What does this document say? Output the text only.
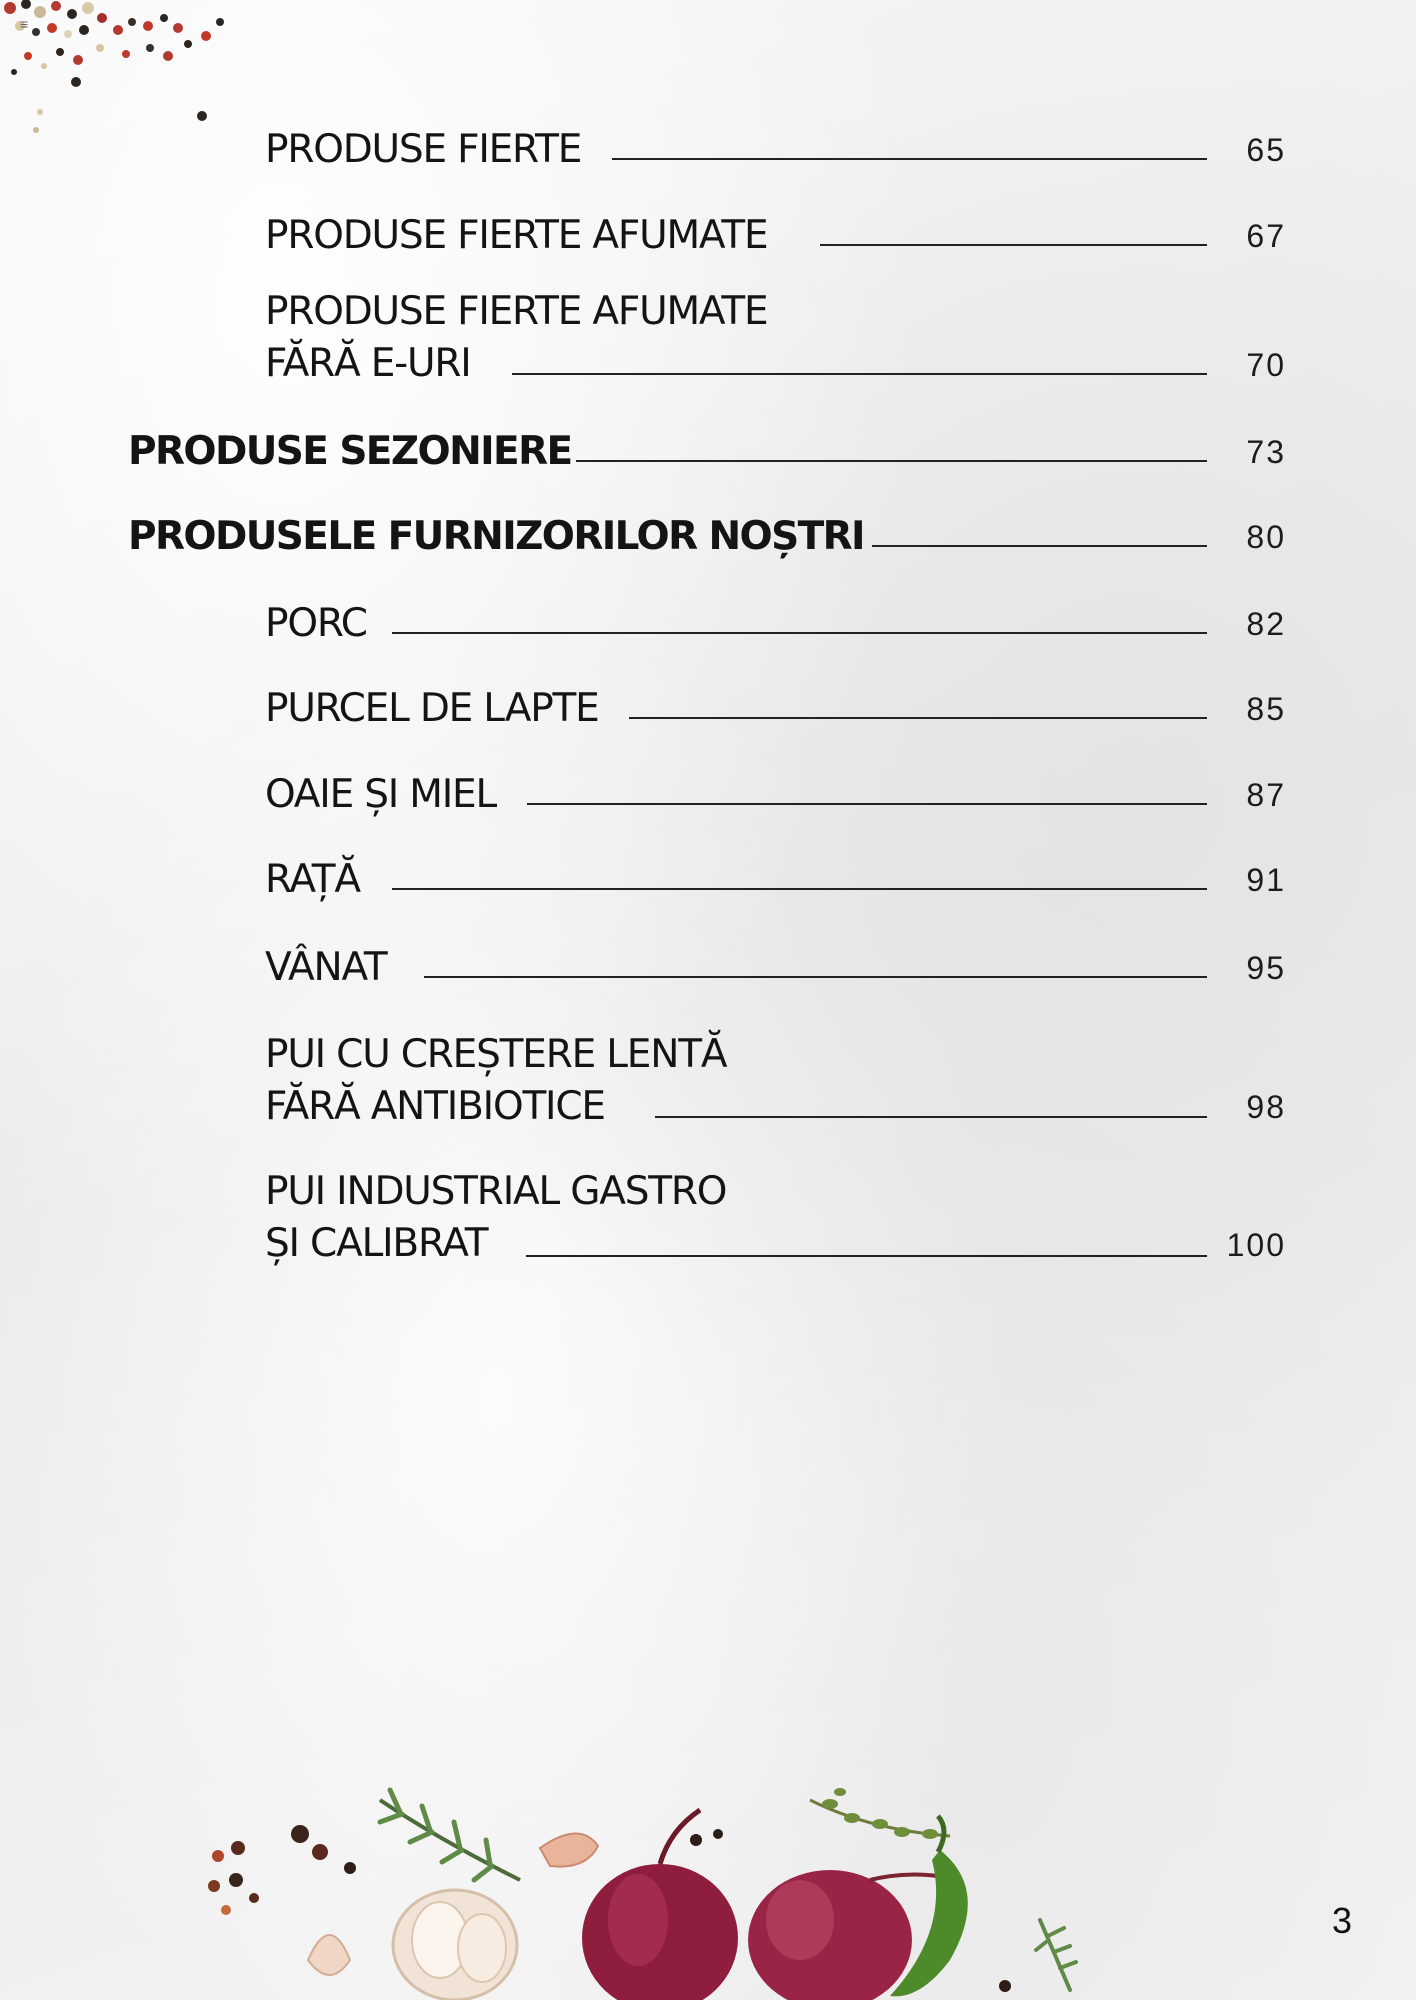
≡
PRODUSE FIERTE	65
PRODUSE FIERTE AFUMATE	67
PRODUSE FIERTE AFUMATE
FĂRĂ E-URI	70
PRODUSE SEZONIERE	73
PRODUSELE FURNIZORILOR NOȘTRI	80
PORC	82
PURCEL DE LAPTE	85
OAIE ȘI MIEL	87
RAȚĂ	91
VÂNAT	95
PUI CU CREȘTERE LENTĂ
FĂRĂ ANTIBIOTICE	98
PUI INDUSTRIAL GASTRO
ȘI CALIBRAT	100
3
